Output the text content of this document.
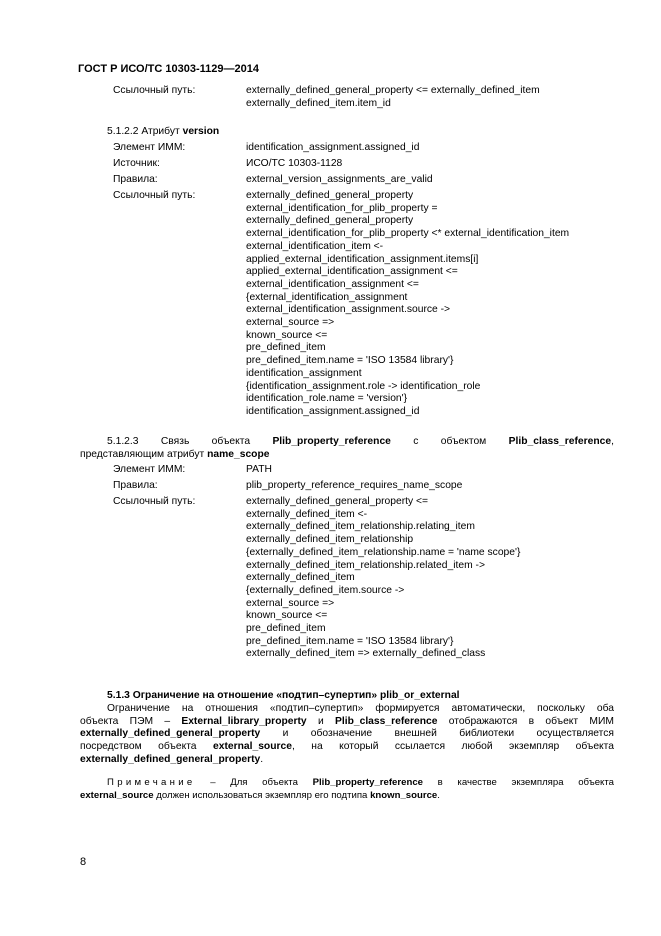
ГОСТ Р ИСО/ТС 10303-1129—2014
Ссылочный путь:	externally_defined_general_property <= externally_defined_item
externally_defined_item.item_id
5.1.2.2 Атрибут version
Элемент ИММ:	identification_assignment.assigned_id
Источник:	ИСО/ТС 10303-1128
Правила:	external_version_assignments_are_valid
Ссылочный путь:	externally_defined_general_property
external_identification_for_plib_property =
externally_defined_general_property
external_identification_for_plib_property <* external_identification_item
external_identification_item <-
applied_external_identification_assignment.items[i]
applied_external_identification_assignment <=
external_identification_assignment <=
{external_identification_assignment
external_identification_assignment.source ->
external_source =>
known_source <=
pre_defined_item
pre_defined_item.name = 'ISO 13584 library'}
identification_assignment
{identification_assignment.role -> identification_role
identification_role.name = 'version'}
identification_assignment.assigned_id
5.1.2.3 Связь объекта Plib_property_reference с объектом Plib_class_reference,
представляющим атрибут name_scope
Элемент ИММ:	PATH
Правила:	plib_property_reference_requires_name_scope
Ссылочный путь:	externally_defined_general_property <=
externally_defined_item <-
externally_defined_item_relationship.relating_item
externally_defined_item_relationship
{externally_defined_item_relationship.name = 'name scope'}
externally_defined_item_relationship.related_item ->
externally_defined_item
{externally_defined_item.source ->
external_source =>
known_source <=
pre_defined_item
pre_defined_item.name = 'ISO 13584 library'}
externally_defined_item => externally_defined_class
5.1.3 Ограничение на отношение «подтип–супертип» plib_or_external
Ограничение на отношения «подтип–супертип» формируется автоматически, поскольку оба
объекта ПЭМ – External_library_property и Plib_class_reference отображаются в объект МИМ
externally_defined_general_property и обозначение внешней библиотеки осуществляется
посредством объекта external_source, на который ссылается любой экземпляр объекта
externally_defined_general_property.
Примечание – Для объекта Plib_property_reference в качестве экземпляра объекта
external_source должен использоваться экземпляр его подтипа known_source.
8
